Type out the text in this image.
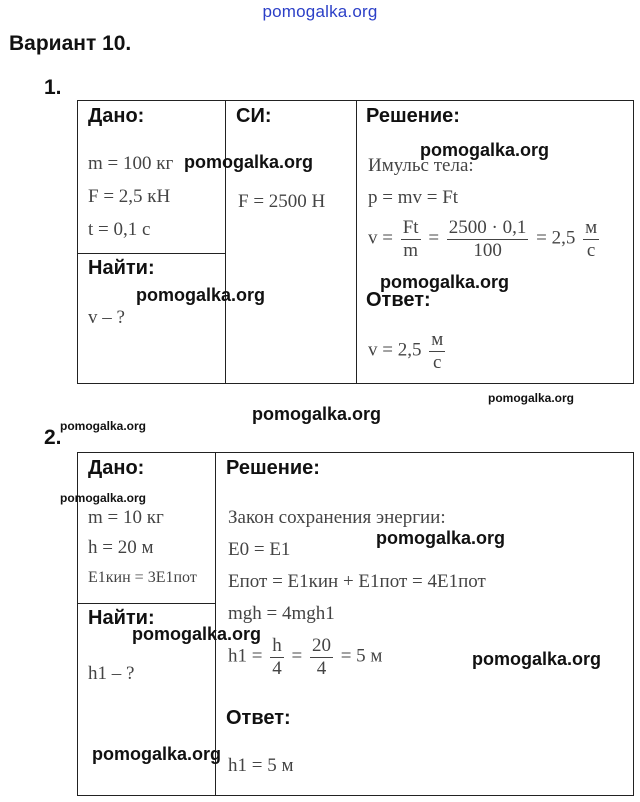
pomogalka.org
Вариант 10.
1.
Дано:
m = 100 кг
F = 2,5 кН
t = 0,1 с
Найти:
v – ?
СИ:
F = 2500 Н
Решение:
Имульс тела:
p = mv = Ft
$v = \frac{Ft}{m} = \frac{2500 \cdot 0,1}{100} = 2,5 \frac{м}{с}$
Ответ:
$v = 2,5 \frac{м}{с}$
2.
Дано:
m = 10 кг
h = 20 м
E1кин = 3E1пот
Найти:
h1 – ?
Решение:
Закон сохранения энергии:
E0 = E1
Eпот = E1кин + E1пот = 4E1пот
mgh = 4mgh1
$h1 = \frac{h}{4} = \frac{20}{4} = 5$ м
Ответ:
h1 = 5 м
pomogalka.org
pomogalka.org
pomogalka.org
pomogalka.org
pomogalka.org
pomogalka.org
pomogalka.org
pomogalka.org
pomogalka.org
pomogalka.org
pomogalka.org
pomogalka.org
